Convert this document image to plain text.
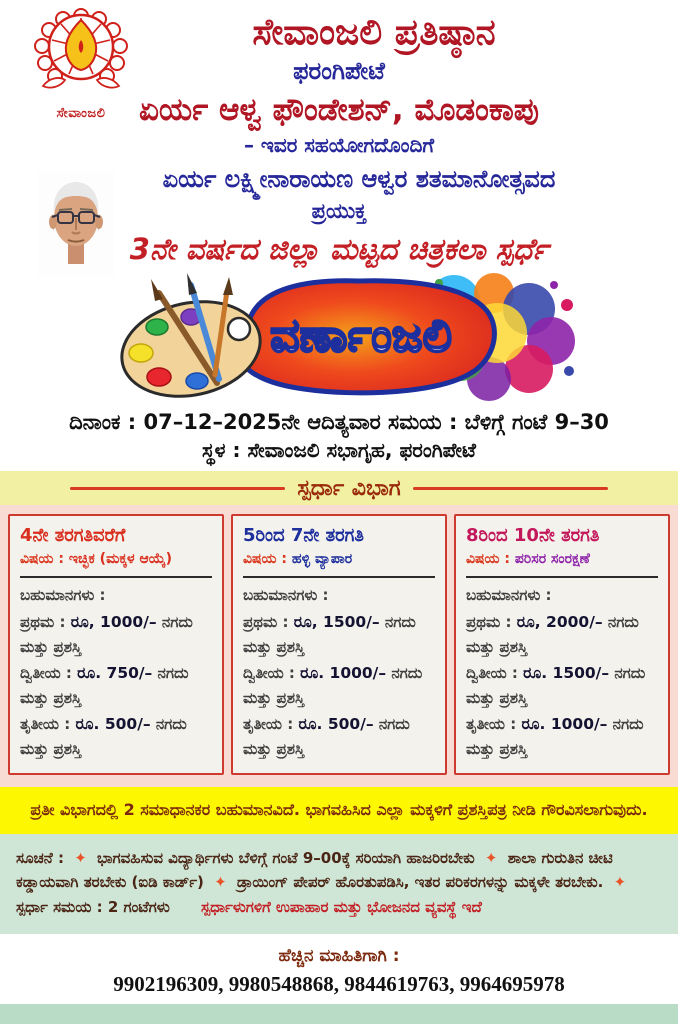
ಸೇವಾಂಜಲಿ
ಸೇವಾಂಜಲಿ ಪ್ರತಿಷ್ಠಾನ
ಫರಂಗಿಪೇಟೆ
ಏರ್ಯ ಆಳ್ವ ಫೌಂಡೇಶನ್, ಮೊಡಂಕಾಪು
– ಇವರ ಸಹಯೋಗದೊಂದಿಗೆ
ಏರ್ಯ ಲಕ್ಷ್ಮೀನಾರಾಯಣ ಆಳ್ವರ ಶತಮಾನೋತ್ಸವದ
ಪ್ರಯುಕ್ತ
3ನೇ ವರ್ಷದ ಜಿಲ್ಲಾ ಮಟ್ಟದ ಚಿತ್ರಕಲಾ ಸ್ಪರ್ಧೆ
ವರ್ಣಾಂಜಲಿ
ದಿನಾಂಕ : 07–12–2025ನೇ ಆದಿತ್ಯವಾರ ಸಮಯ : ಬೆಳಿಗ್ಗೆ ಗಂಟೆ 9–30
ಸ್ಥಳ : ಸೇವಾಂಜಲಿ ಸಭಾಗೃಹ, ಫರಂಗಿಪೇಟೆ
ಸ್ಪರ್ಧಾ ವಿಭಾಗ
4ನೇ ತರಗತಿವರೆಗೆ
ವಿಷಯ : ಇಚ್ಛಿಕ (ಮಕ್ಕಳ ಆಯ್ಕೆ)
ಬಹುಮಾನಗಳು :

ಪ್ರಥಮ : ರೂ, 1000/– ನಗದು ಮತ್ತು ಪ್ರಶಸ್ತಿ

ದ್ವಿತೀಯ : ರೂ. 750/– ನಗದು ಮತ್ತು ಪ್ರಶಸ್ತಿ

ತೃತೀಯ : ರೂ. 500/– ನಗದು ಮತ್ತು ಪ್ರಶಸ್ತಿ

5ರಿಂದ 7ನೇ ತರಗತಿ
ವಿಷಯ : ಹಳ್ಳಿ ವ್ಯಾಪಾರ
ಬಹುಮಾನಗಳು :

ಪ್ರಥಮ : ರೂ, 1500/– ನಗದು ಮತ್ತು ಪ್ರಶಸ್ತಿ

ದ್ವಿತೀಯ : ರೂ. 1000/– ನಗದು ಮತ್ತು ಪ್ರಶಸ್ತಿ

ತೃತೀಯ : ರೂ. 500/– ನಗದು ಮತ್ತು ಪ್ರಶಸ್ತಿ

8ರಿಂದ 10ನೇ ತರಗತಿ
ವಿಷಯ : ಪರಿಸರ ಸಂರಕ್ಷಣೆ
ಬಹುಮಾನಗಳು :

ಪ್ರಥಮ : ರೂ, 2000/– ನಗದು ಮತ್ತು ಪ್ರಶಸ್ತಿ

ದ್ವಿತೀಯ : ರೂ. 1500/– ನಗದು ಮತ್ತು ಪ್ರಶಸ್ತಿ

ತೃತೀಯ : ರೂ. 1000/– ನಗದು ಮತ್ತು ಪ್ರಶಸ್ತಿ

ಪ್ರತೀ ವಿಭಾಗದಲ್ಲಿ 2 ಸಮಾಧಾನಕರ ಬಹುಮಾನವಿದೆ. ಭಾಗವಹಿಸಿದ ಎಲ್ಲಾ ಮಕ್ಕಳಿಗೆ ಪ್ರಶಸ್ತಿಪತ್ರ ನೀಡಿ ಗೌರವಿಸಲಾಗುವುದು.

ಸೂಚನೆ : ✦ ಭಾಗವಹಿಸುವ ವಿದ್ಯಾರ್ಥಿಗಳು ಬೆಳಿಗ್ಗೆ ಗಂಟೆ 9–00ಕ್ಕೆ ಸರಿಯಾಗಿ ಹಾಜರಿರಬೇಕು ✦ ಶಾಲಾ ಗುರುತಿನ ಚೀಟಿ ಕಡ್ಡಾಯವಾಗಿ ತರಬೇಕು (ಐಡಿ ಕಾರ್ಡ್) ✦ ಡ್ರಾಯಿಂಗ್ ಪೇಪರ್ ಹೊರತುಪಡಿಸಿ, ಇತರ ಪರಿಕರಗಳನ್ನು ಮಕ್ಕಳೇ ತರಬೇಕು. ✦ ಸ್ಪರ್ಧಾ ಸಮಯ : 2 ಗಂಟೆಗಳು ಸ್ಪರ್ಧಾಳುಗಳಿಗೆ ಉಪಾಹಾರ ಮತ್ತು ಭೋಜನದ ವ್ಯವಸ್ಥೆ ಇದೆ

ಹೆಚ್ಚಿನ ಮಾಹಿತಿಗಾಗಿ :
9902196309, 9980548868, 9844619763, 9964695978
